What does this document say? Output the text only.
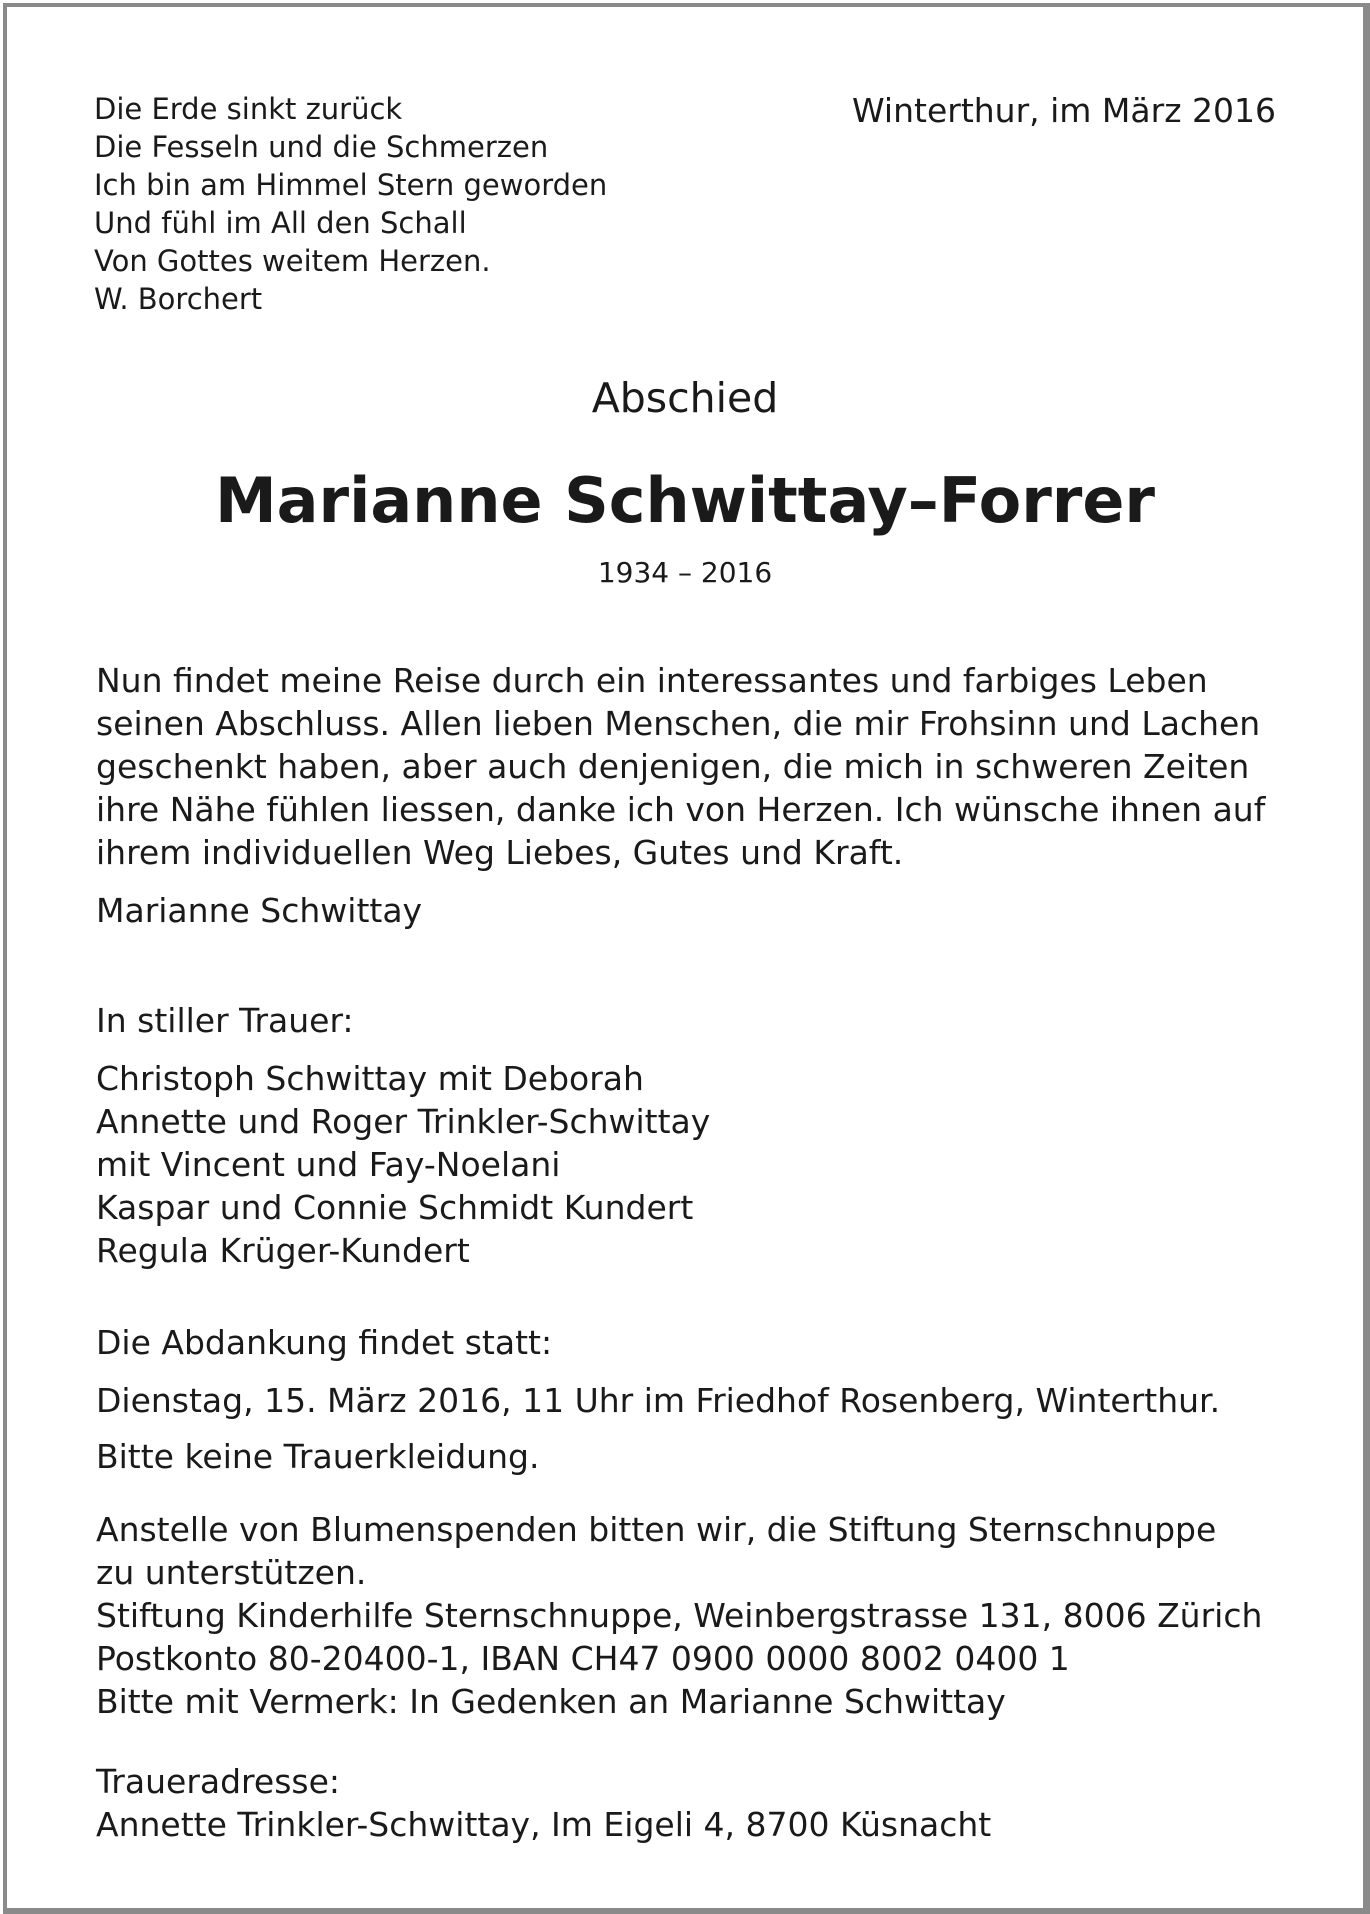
Die Erde sinkt zurück
Die Fesseln und die Schmerzen
Ich bin am Himmel Stern geworden
Und fühl im All den Schall
Von Gottes weitem Herzen.
W. Borchert
Winterthur, im März 2016
Abschied
Marianne Schwittay–Forrer
1934 – 2016
Nun findet meine Reise durch ein interessantes und farbiges Leben
seinen Abschluss. Allen lieben Menschen, die mir Frohsinn und Lachen
geschenkt haben, aber auch denjenigen, die mich in schweren Zeiten
ihre Nähe fühlen liessen, danke ich von Herzen. Ich wünsche ihnen auf
ihrem individuellen Weg Liebes, Gutes und Kraft.
Marianne Schwittay
In stiller Trauer:
Christoph Schwittay mit Deborah
Annette und Roger Trinkler-Schwittay
mit Vincent und Fay-Noelani
Kaspar und Connie Schmidt Kundert
Regula Krüger-Kundert
Die Abdankung findet statt:
Dienstag, 15. März 2016, 11 Uhr im Friedhof Rosenberg, Winterthur.
Bitte keine Trauerkleidung.
Anstelle von Blumenspenden bitten wir, die Stiftung Sternschnuppe
zu unterstützen.
Stiftung Kinderhilfe Sternschnuppe, Weinbergstrasse 131, 8006 Zürich
Postkonto 80-20400-1, IBAN CH47 0900 0000 8002 0400 1
Bitte mit Vermerk: In Gedenken an Marianne Schwittay
Traueradresse:
Annette Trinkler-Schwittay, Im Eigeli 4, 8700 Küsnacht
